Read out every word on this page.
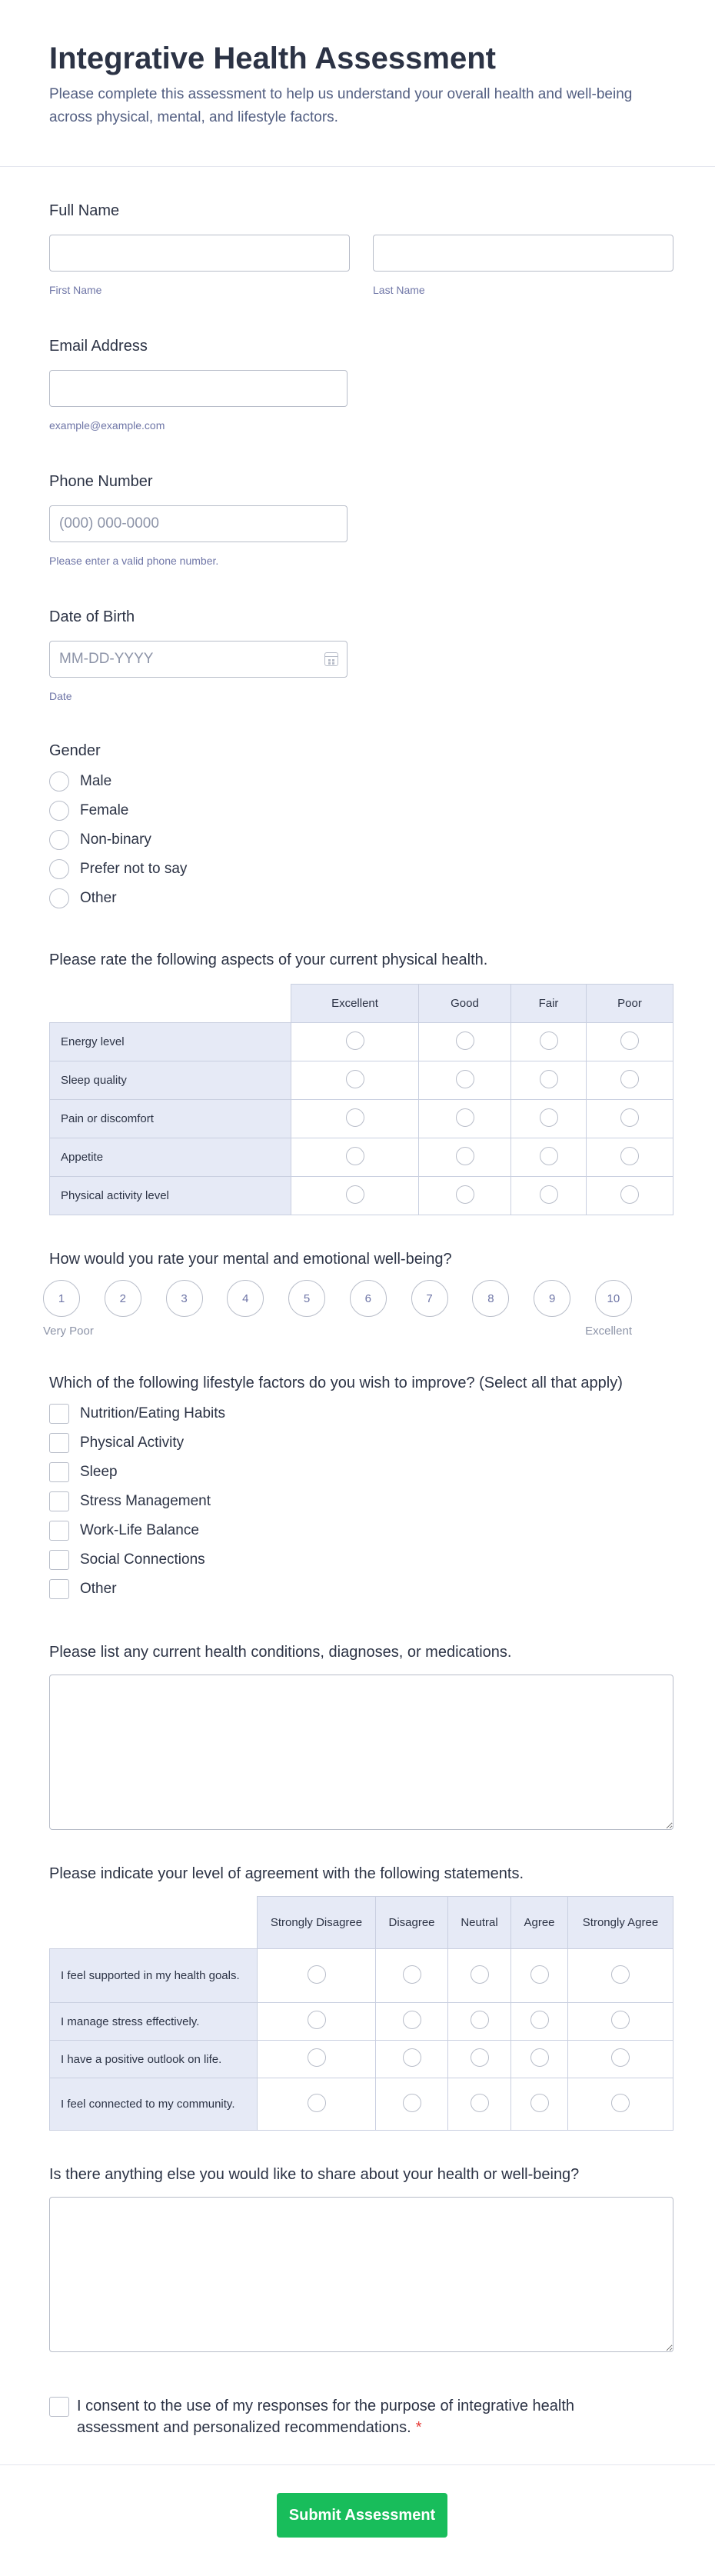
Integrative Health Assessment

Please complete this assessment to help us understand your overall health and well-being across physical, mental, and lifestyle factors.

Full Name
First Name	Last Name
Email Address
example@example.com
Phone Number
(000) 000-0000
Please enter a valid phone number.
Date of Birth
MM-DD-YYYY
Date
Gender
Male
Female
Non-binary
Prefer not to say
Other
Please rate the following aspects of your current physical health.
	Excellent	Good	Fair	Poor
Energy level				
Sleep quality				
Pain or discomfort				
Appetite				
Physical activity level				
How would you rate your mental and emotional well-being?
1	2	3	4	5	6	7	8	9	10
Very Poor	Excellent
Which of the following lifestyle factors do you wish to improve? (Select all that apply)
Nutrition/Eating Habits
Physical Activity
Sleep
Stress Management
Work-Life Balance
Social Connections
Other
Please list any current health conditions, diagnoses, or medications.
Please indicate your level of agreement with the following statements.
	Strongly Disagree	Disagree	Neutral	Agree	Strongly Agree
I feel supported in my health goals.					
I manage stress effectively.					
I have a positive outlook on life.					
I feel connected to my community.					
Is there anything else you would like to share about your health or well-being?
I consent to the use of my responses for the purpose of integrative health assessment and personalized recommendations. *
Submit Assessment
